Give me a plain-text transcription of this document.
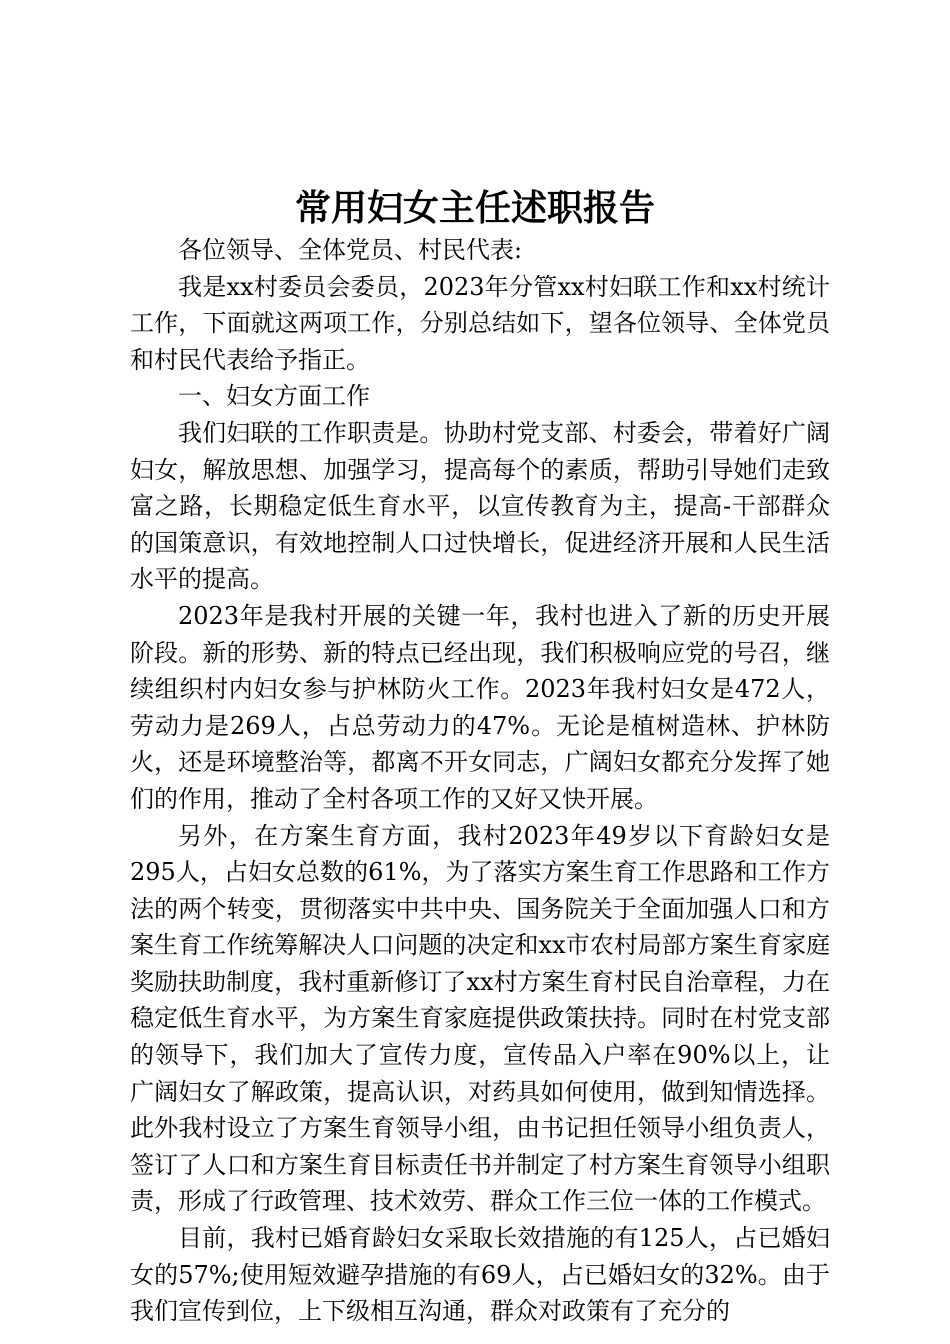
常用妇女主任述职报告

各位领导、全体党员、村民代表:

我是xx村委员会委员，2023年分管xx村妇联工作和xx村统计工作，下面就这两项工作，分别总结如下，望各位领导、全体党员和村民代表给予指正。

一、妇女方面工作

我们妇联的工作职责是。协助村党支部、村委会，带着好广阔妇女，解放思想、加强学习，提高每个的素质，帮助引导她们走致富之路，长期稳定低生育水平，以宣传教育为主，提高-干部群众的国策意识，有效地控制人口过快增长，促进经济开展和人民生活水平的提高。

2023年是我村开展的关键一年，我村也进入了新的历史开展阶段。新的形势、新的特点已经出现，我们积极响应党的号召，继续组织村内妇女参与护林防火工作。2023年我村妇女是472人，劳动力是269人，占总劳动力的47%。无论是植树造林、护林防火，还是环境整治等，都离不开女同志，广阔妇女都充分发挥了她们的作用，推动了全村各项工作的又好又快开展。

另外，在方案生育方面，我村2023年49岁以下育龄妇女是295人，占妇女总数的61%，为了落实方案生育工作思路和工作方法的两个转变，贯彻落实中共中央、国务院关于全面加强人口和方案生育工作统筹解决人口问题的决定和xx市农村局部方案生育家庭奖励扶助制度，我村重新修订了xx村方案生育村民自治章程，力在稳定低生育水平，为方案生育家庭提供政策扶持。同时在村党支部的领导下，我们加大了宣传力度，宣传品入户率在90%以上，让广阔妇女了解政策，提高认识，对药具如何使用，做到知情选择。此外我村设立了方案生育领导小组，由书记担任领导小组负责人，签订了人口和方案生育目标责任书并制定了村方案生育领导小组职责，形成了行政管理、技术效劳、群众工作三位一体的工作模式。

目前，我村已婚育龄妇女采取长效措施的有125人，占已婚妇女的57%;使用短效避孕措施的有69人，占已婚妇女的32%。由于我们宣传到位，上下级相互沟通，群众对政策有了充分的
